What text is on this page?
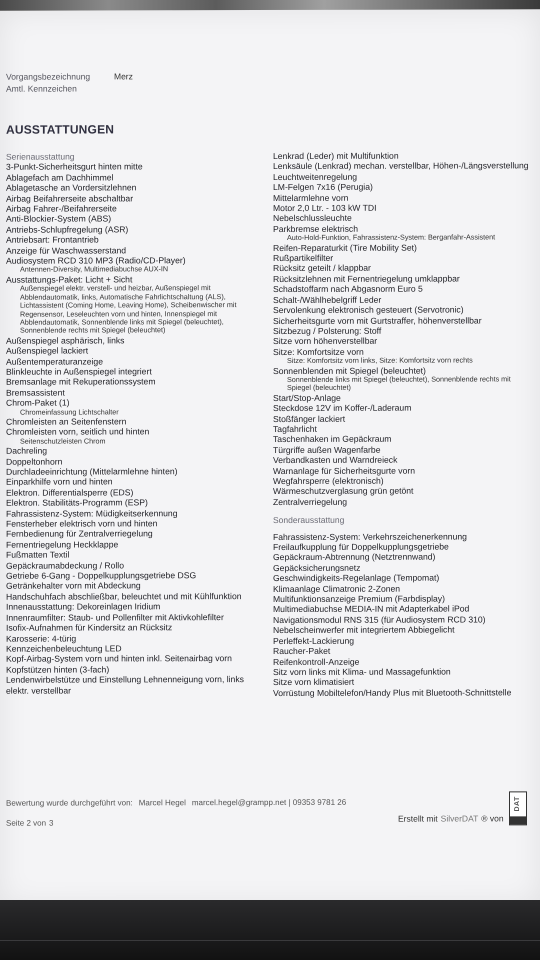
Vorgangsbezeichnung	Merz
Amtl. Kennzeichen
AUSSTATTUNGEN
Serienausstattung
3-Punkt-Sicherheitsgurt hinten mitte
Ablagefach am Dachhimmel
Ablagetasche an Vordersitzlehnen
Airbag Beifahrerseite abschaltbar
Airbag Fahrer-/Beifahrerseite
Anti-Blockier-System (ABS)
Antriebs-Schlupfregelung (ASR)
Antriebsart: Frontantrieb
Anzeige für Waschwasserstand
Audiosystem RCD 310 MP3 (Radio/CD-Player)
Antennen-Diversity, Multimediabuchse AUX-IN
Ausstattungs-Paket: Licht + Sicht
Außenspiegel elektr. verstell- und heizbar, Außenspiegel mit Abblendautomatik, links, Automatische Fahrlichtschaltung (ALS), Lichtassistent (Coming Home, Leaving Home), Scheibenwischer mit Regensensor, Leseleuchten vorn und hinten, Innenspiegel mit Abblendautomatik, Sonnenblende links mit Spiegel (beleuchtet), Sonnenblende rechts mit Spiegel (beleuchtet)
Außenspiegel asphärisch, links
Außenspiegel lackiert
Außentemperaturanzeige
Blinkleuchte in Außenspiegel integriert
Bremsanlage mit Rekuperationssystem
Bremsassistent
Chrom-Paket (1)
Chromeinfassung Lichtschalter
Chromleisten an Seitenfenstern
Chromleisten vorn, seitlich und hinten
Seitenschutzleisten Chrom
Dachreling
Doppeltonhorn
Durchladeeinrichtung (Mittelarmlehne hinten)
Einparkhilfe vorn und hinten
Elektron. Differentialsperre (EDS)
Elektron. Stabilitäts-Programm (ESP)
Fahrassistenz-System: Müdigkeitserkennung
Fensterheber elektrisch vorn und hinten
Fernbedienung für Zentralverriegelung
Fernentriegelung Heckklappe
Fußmatten Textil
Gepäckraumabdeckung / Rollo
Getriebe 6-Gang - Doppelkupplungsgetriebe DSG
Getränkehalter vorn mit Abdeckung
Handschuhfach abschließbar, beleuchtet und mit Kühlfunktion
Innenausstattung: Dekoreinlagen Iridium
Innenraumfilter: Staub- und Pollenfilter mit Aktivkohlefilter
Isofix-Aufnahmen für Kindersitz an Rücksitz
Karosserie: 4-türig
Kennzeichenbeleuchtung LED
Kopf-Airbag-System vorn und hinten inkl. Seitenairbag vorn
Kopfstützen hinten (3-fach)
Lendenwirbelstütze und Einstellung Lehnenneigung vorn, links elektr. verstellbar
Lenkrad (Leder) mit Multifunktion
Lenksäule (Lenkrad) mechan. verstellbar, Höhen-/Längsverstellung
Leuchtweitenregelung
LM-Felgen 7x16 (Perugia)
Mittelarmlehne vorn
Motor 2,0 Ltr. - 103 kW TDI
Nebelschlussleuchte
Parkbremse elektrisch
Auto-Hold-Funktion, Fahrassistenz-System: Berganfahr-Assistent
Reifen-Reparaturkit (Tire Mobility Set)
Rußpartikelfilter
Rücksitz geteilt / klappbar
Rücksitzlehnen mit Fernentriegelung umklappbar
Schadstoffarm nach Abgasnorm Euro 5
Schalt-/Wählhebelgriff Leder
Servolenkung elektronisch gesteuert (Servotronic)
Sicherheitsgurte vorn mit Gurtstraffer, höhenverstellbar
Sitzbezug / Polsterung: Stoff
Sitze vorn höhenverstellbar
Sitze: Komfortsitze vorn
Sitze: Komfortsitz vorn links, Sitze: Komfortsitz vorn rechts
Sonnenblenden mit Spiegel (beleuchtet)
Sonnenblende links mit Spiegel (beleuchtet), Sonnenblende rechts mit Spiegel (beleuchtet)
Start/Stop-Anlage
Steckdose 12V im Koffer-/Laderaum
Stoßfänger lackiert
Tagfahrlicht
Taschenhaken im Gepäckraum
Türgriffe außen Wagenfarbe
Verbandkasten und Warndreieck
Warnanlage für Sicherheitsgurte vorn
Wegfahrsperre (elektronisch)
Wärmeschutzverglasung grün getönt
Zentralverriegelung
Sonderausstattung
Fahrassistenz-System: Verkehrszeichenerkennung
Freilaufkupplung für Doppelkupplungsgetriebe
Gepäckraum-Abtrennung (Netztrennwand)
Gepäcksicherungsnetz
Geschwindigkeits-Regelanlage (Tempomat)
Klimaanlage Climatronic 2-Zonen
Multifunktionsanzeige Premium (Farbdisplay)
Multimediabuchse MEDIA-IN mit Adapterkabel iPod
Navigationsmodul RNS 315 (für Audiosystem RCD 310)
Nebelscheinwerfer mit integriertem Abbiegelicht
Perleffekt-Lackierung
Raucher-Paket
Reifenkontroll-Anzeige
Sitz vorn links mit Klima- und Massagefunktion
Sitze vorn klimatisiert
Vorrüstung Mobiltelefon/Handy Plus mit Bluetooth-Schnittstelle
Bewertung wurde durchgeführt von: Marcel Hegel marcel.hegel@grampp.net | 09353 9781 26
Seite 2 von 3	Erstellt mit SilverDAT ® von
DAT
